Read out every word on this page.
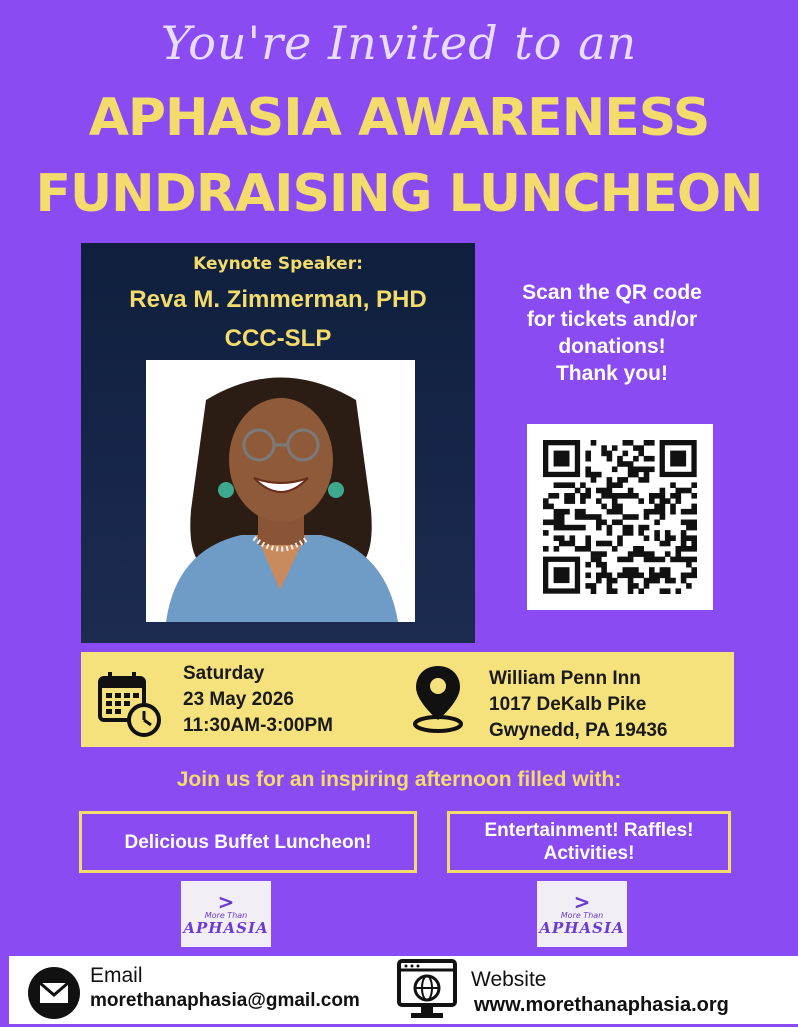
You're Invited to an
APHASIA AWARENESS
FUNDRAISING LUNCHEON
Keynote Speaker:
Reva M. Zimmerman, PHD
CCC-SLP
Scan the QR code
for tickets and/or
donations!
Thank you!
Saturday
23 May 2026
11:30AM-3:00PM
William Penn Inn
1017 DeKalb Pike
Gwynedd, PA 19436
Join us for an inspiring afternoon filled with:
Delicious Buffet Luncheon!
Entertainment! Raffles!
Activities!
>
More Than
APHASIA
>
More Than
APHASIA
Email
morethanaphasia@gmail.com
Website
www.morethanaphasia.org
